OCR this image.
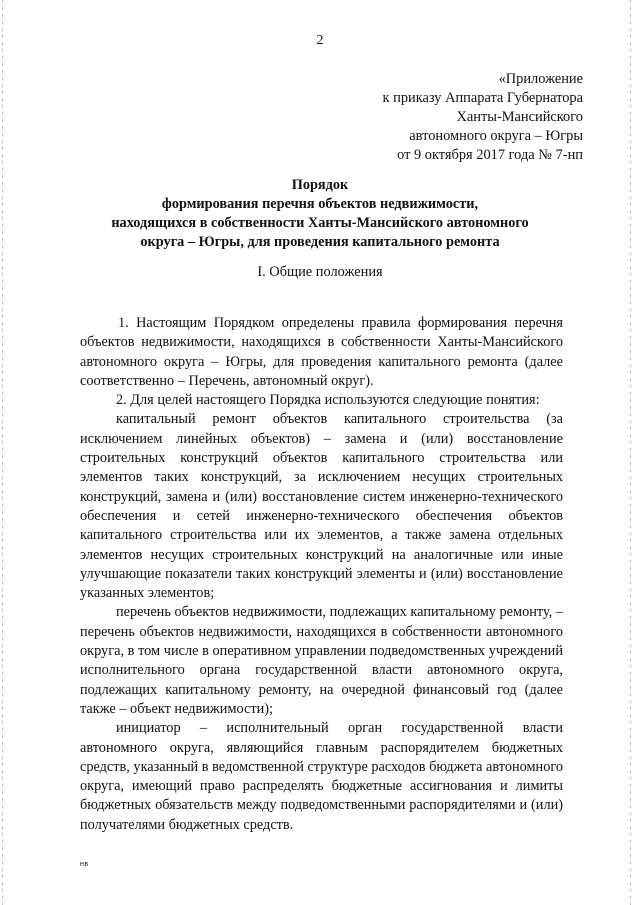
2
«Приложение
к приказу Аппарата Губернатора
Ханты-Мансийского
автономного округа – Югры
от 9 октября 2017 года № 7-нп
Порядок
формирования перечня объектов недвижимости,
находящихся в собственности Ханты-Мансийского автономного
округа – Югры, для проведения капитального ремонта
I. Общие положения

1. Настоящим Порядком определены правила формирования перечня объектов недвижимости, находящихся в собственности Ханты-Мансийского автономного округа – Югры, для проведения капитального ремонта (далее соответственно – Перечень, автономный округ).

2. Для целей настоящего Порядка используются следующие понятия:

капитальный ремонт объектов капитального строительства (за исключением линейных объектов) – замена и (или) восстановление строительных конструкций объектов капитального строительства или элементов таких конструкций, за исключением несущих строительных конструкций, замена и (или) восстановление систем инженерно-технического обеспечения и сетей инженерно-технического обеспечения объектов капитального строительства или их элементов, а также замена отдельных элементов несущих строительных конструкций на аналогичные или иные улучшающие показатели таких конструкций элементы и (или) восстановление указанных элементов;

перечень объектов недвижимости, подлежащих капитальному ремонту, – перечень объектов недвижимости, находящихся в собственности автономного округа, в том числе в оперативном управлении подведомственных учреждений исполнительного органа государственной власти автономного округа, подлежащих капитальному ремонту, на очередной финансовый год (далее также – объект недвижимости);

инициатор – исполнительный орган государственной власти автономного округа, являющийся главным распорядителем бюджетных средств, указанный в ведомственной структуре расходов бюджета автономного округа, имеющий право распределять бюджетные ассигнования и лимиты бюджетных обязательств между подведомственными распорядителями и (или) получателями бюджетных средств.

нв
